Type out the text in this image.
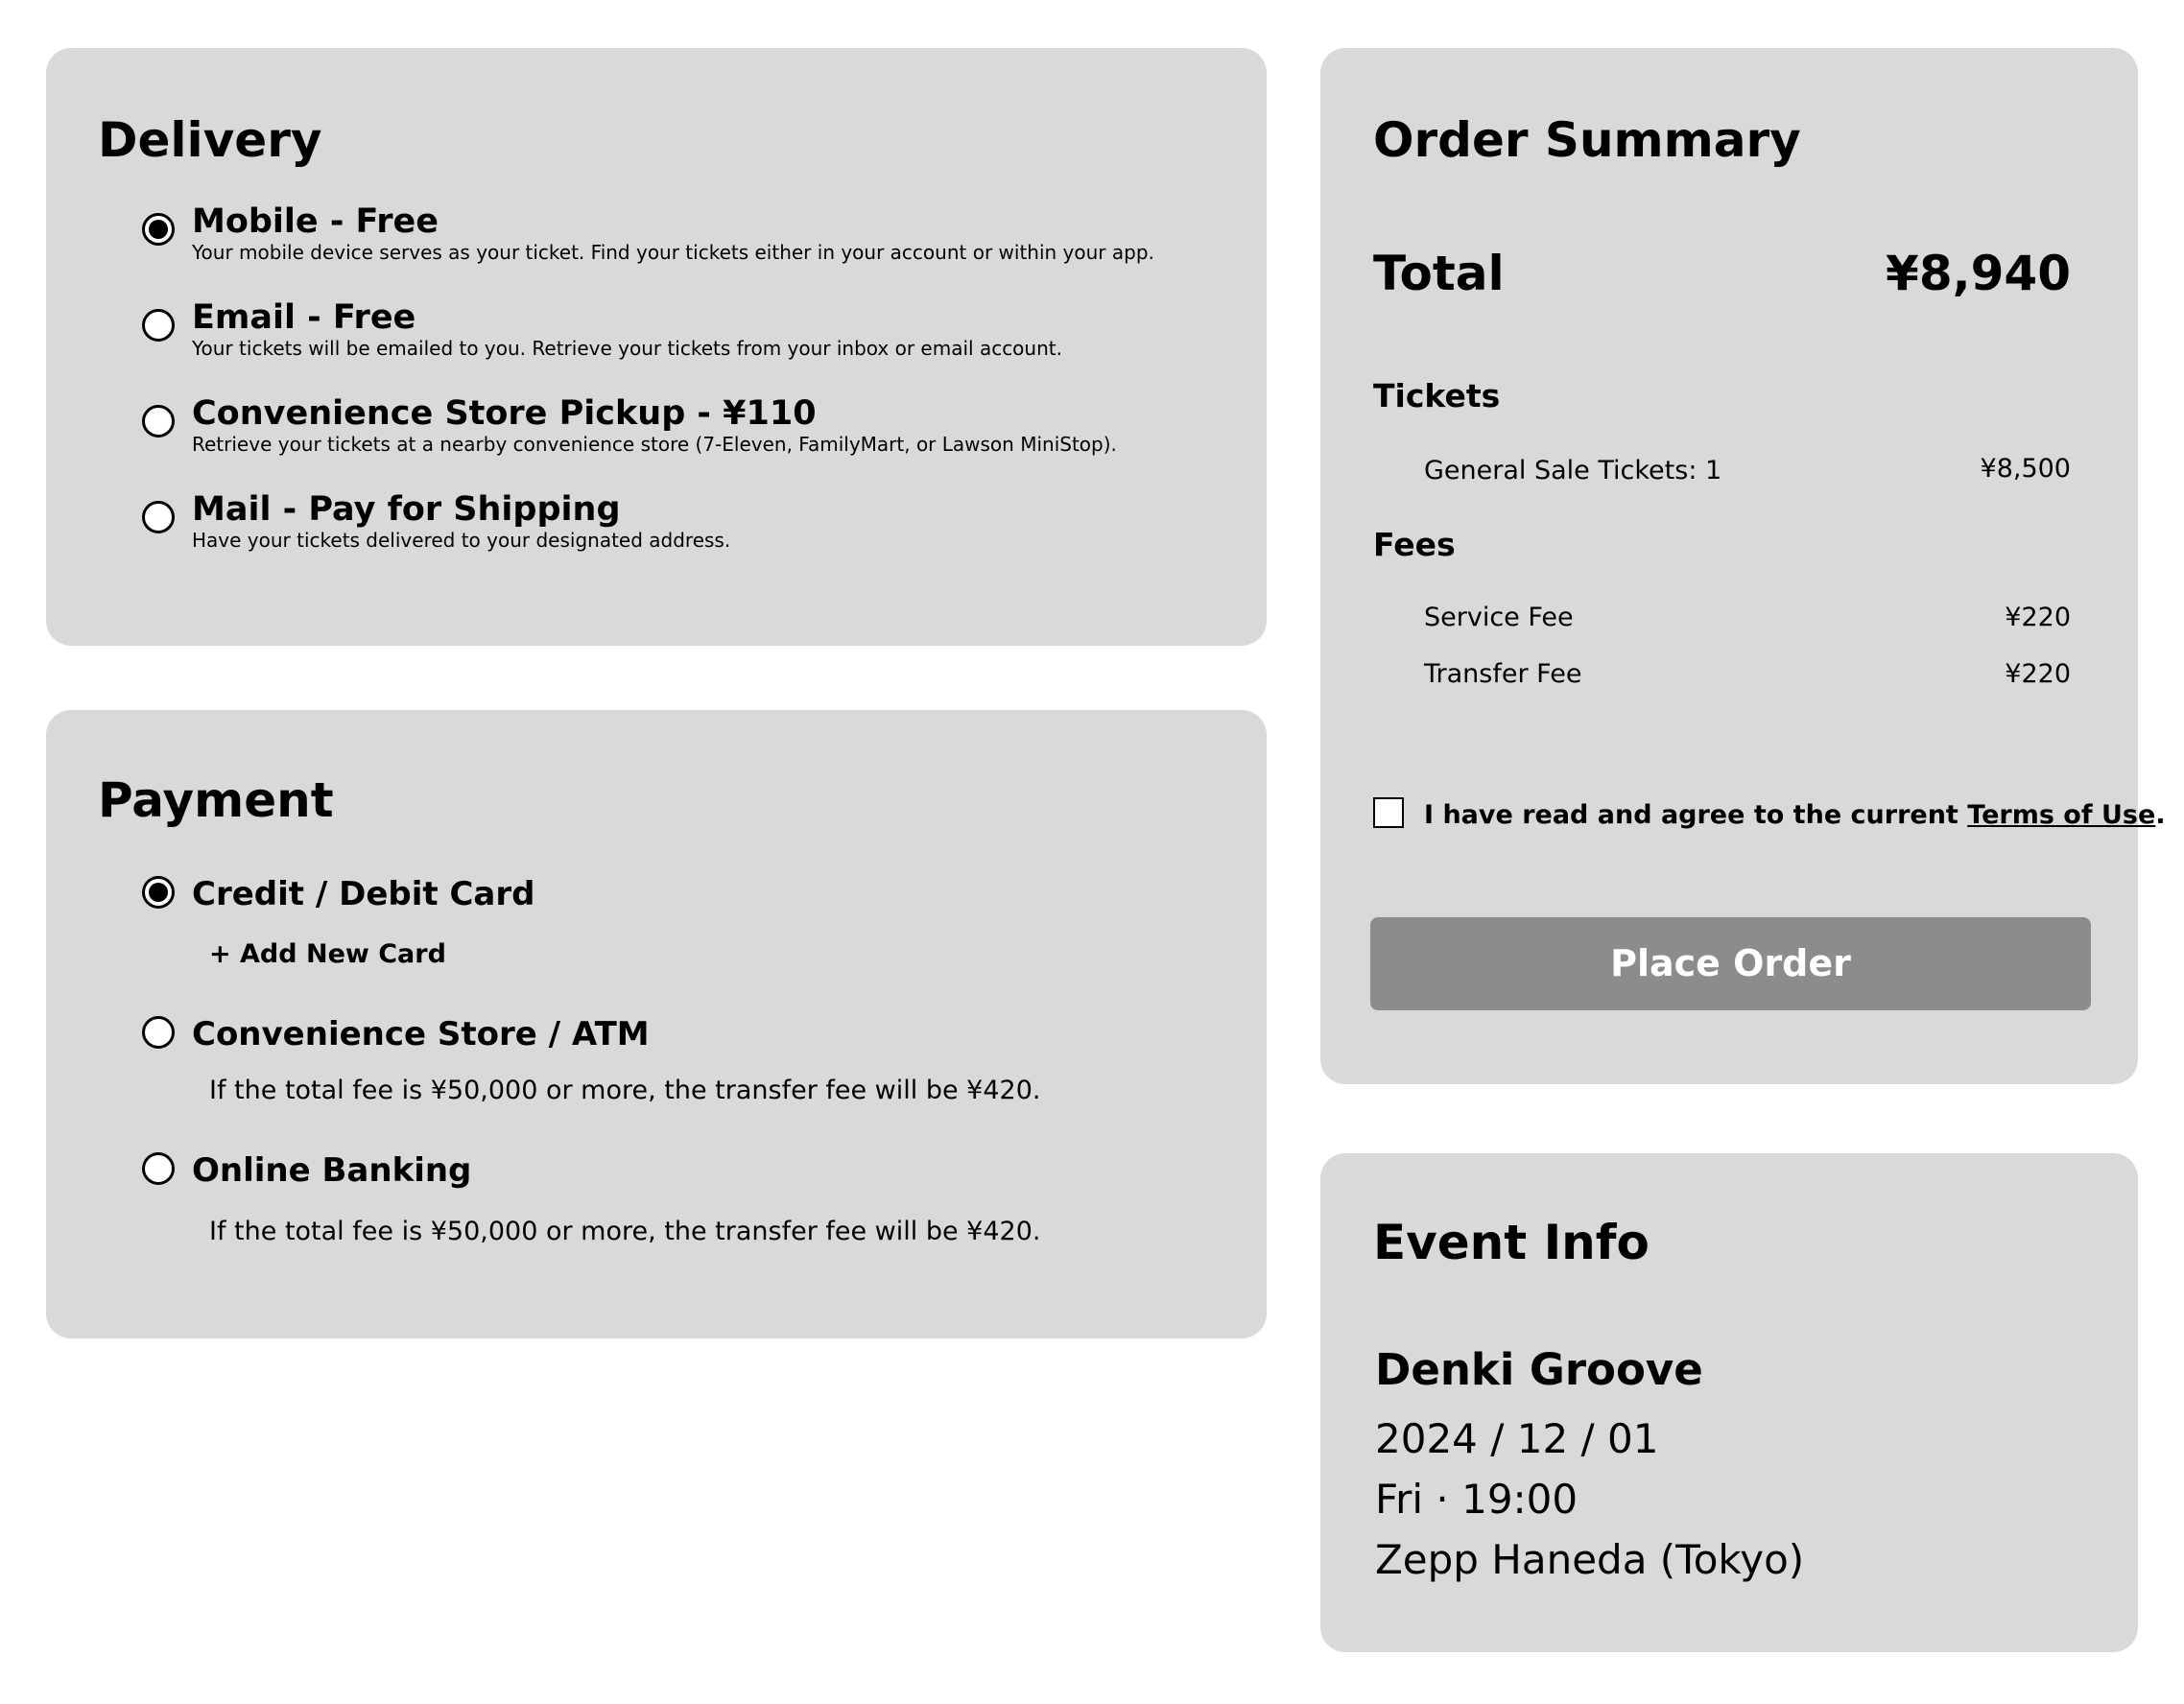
Delivery
Mobile - Free
Your mobile device serves as your ticket. Find your tickets either in your account or within your app.
Email - Free
Your tickets will be emailed to you. Retrieve your tickets from your inbox or email account.
Convenience Store Pickup - ¥110
Retrieve your tickets at a nearby convenience store (7-Eleven, FamilyMart, or Lawson MiniStop).
Mail - Pay for Shipping
Have your tickets delivered to your designated address.
Payment
Credit / Debit Card
+ Add New Card
Convenience Store / ATM
If the total fee is ¥50,000 or more, the transfer fee will be ¥420.
Online Banking
If the total fee is ¥50,000 or more, the transfer fee will be ¥420.
Order Summary
Total	¥8,940
Tickets
General Sale Tickets: 1	¥8,500
Fees
Service Fee	¥220
Transfer Fee	¥220
I have read and agree to the current Terms of Use.
Place Order
Event Info
Denki Groove
2024 / 12 / 01
Fri · 19:00
Zepp Haneda (Tokyo)
